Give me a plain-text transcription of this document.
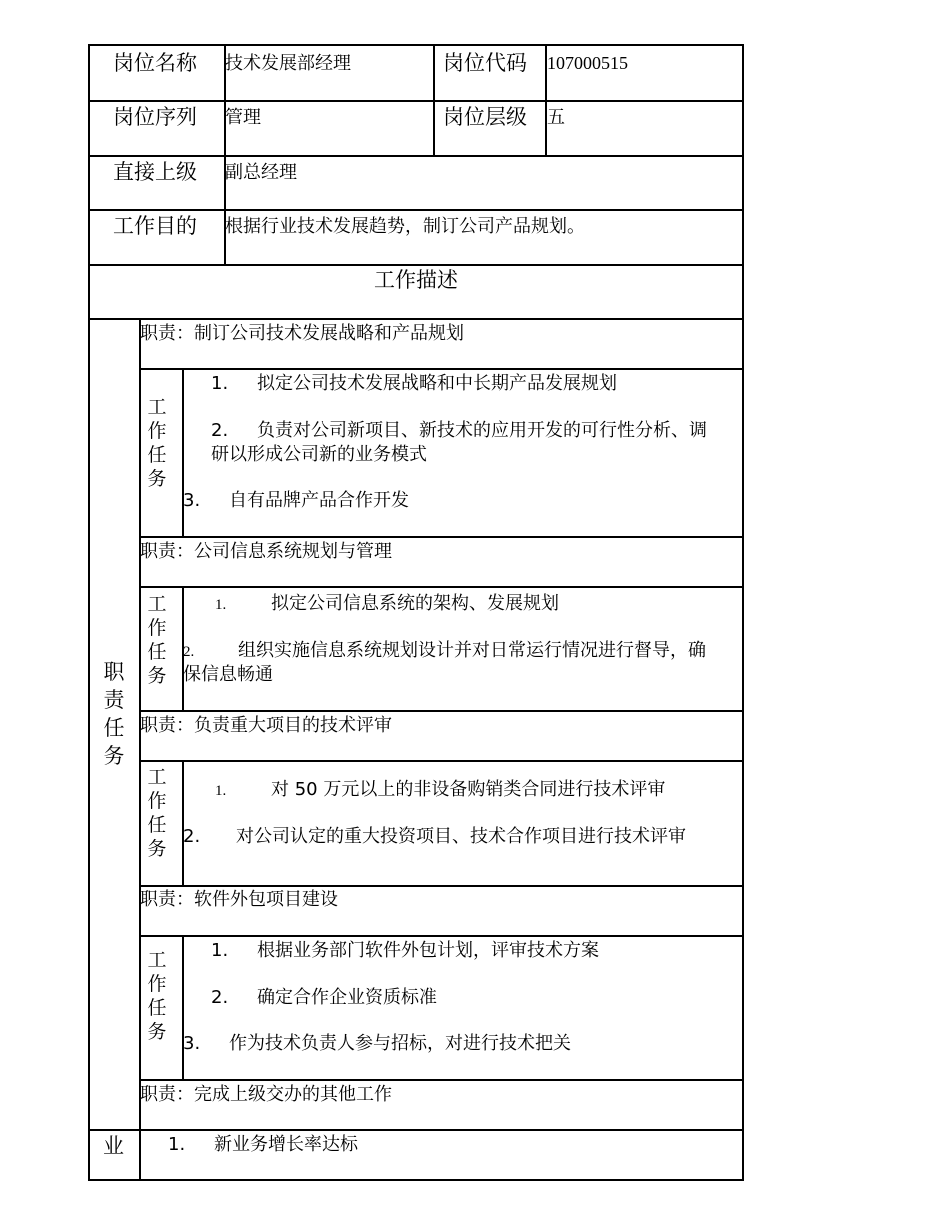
岗位名称 技术发展部经理	岗位代码 107000515
岗位序列 管理	岗位层级 五
直接上级 副总经理
工作目的 根据行业技术发展趋势，制订公司产品规划。
工作描述
职责任务
职责：制订公司技术发展战略和产品规划
工作任务
1. 拟定公司技术发展战略和中长期产品发展规划
2. 负责对公司新项目、新技术的应用开发的可行性分析、调
研以形成公司新的业务模式
3. 自有品牌产品合作开发
职责：公司信息系统规划与管理
工作任务
1. 拟定公司信息系统的架构、发展规划
2. 组织实施信息系统规划设计并对日常运行情况进行督导，确
保信息畅通
职责：负责重大项目的技术评审
工作任务
1. 对 50 万元以上的非设备购销类合同进行技术评审
2. 对公司认定的重大投资项目、技术合作项目进行技术评审
职责：软件外包项目建设
工作任务
1. 根据业务部门软件外包计划，评审技术方案
2. 确定合作企业资质标准
3. 作为技术负责人参与招标，对进行技术把关
职责：完成上级交办的其他工作
业 1. 新业务增长率达标
